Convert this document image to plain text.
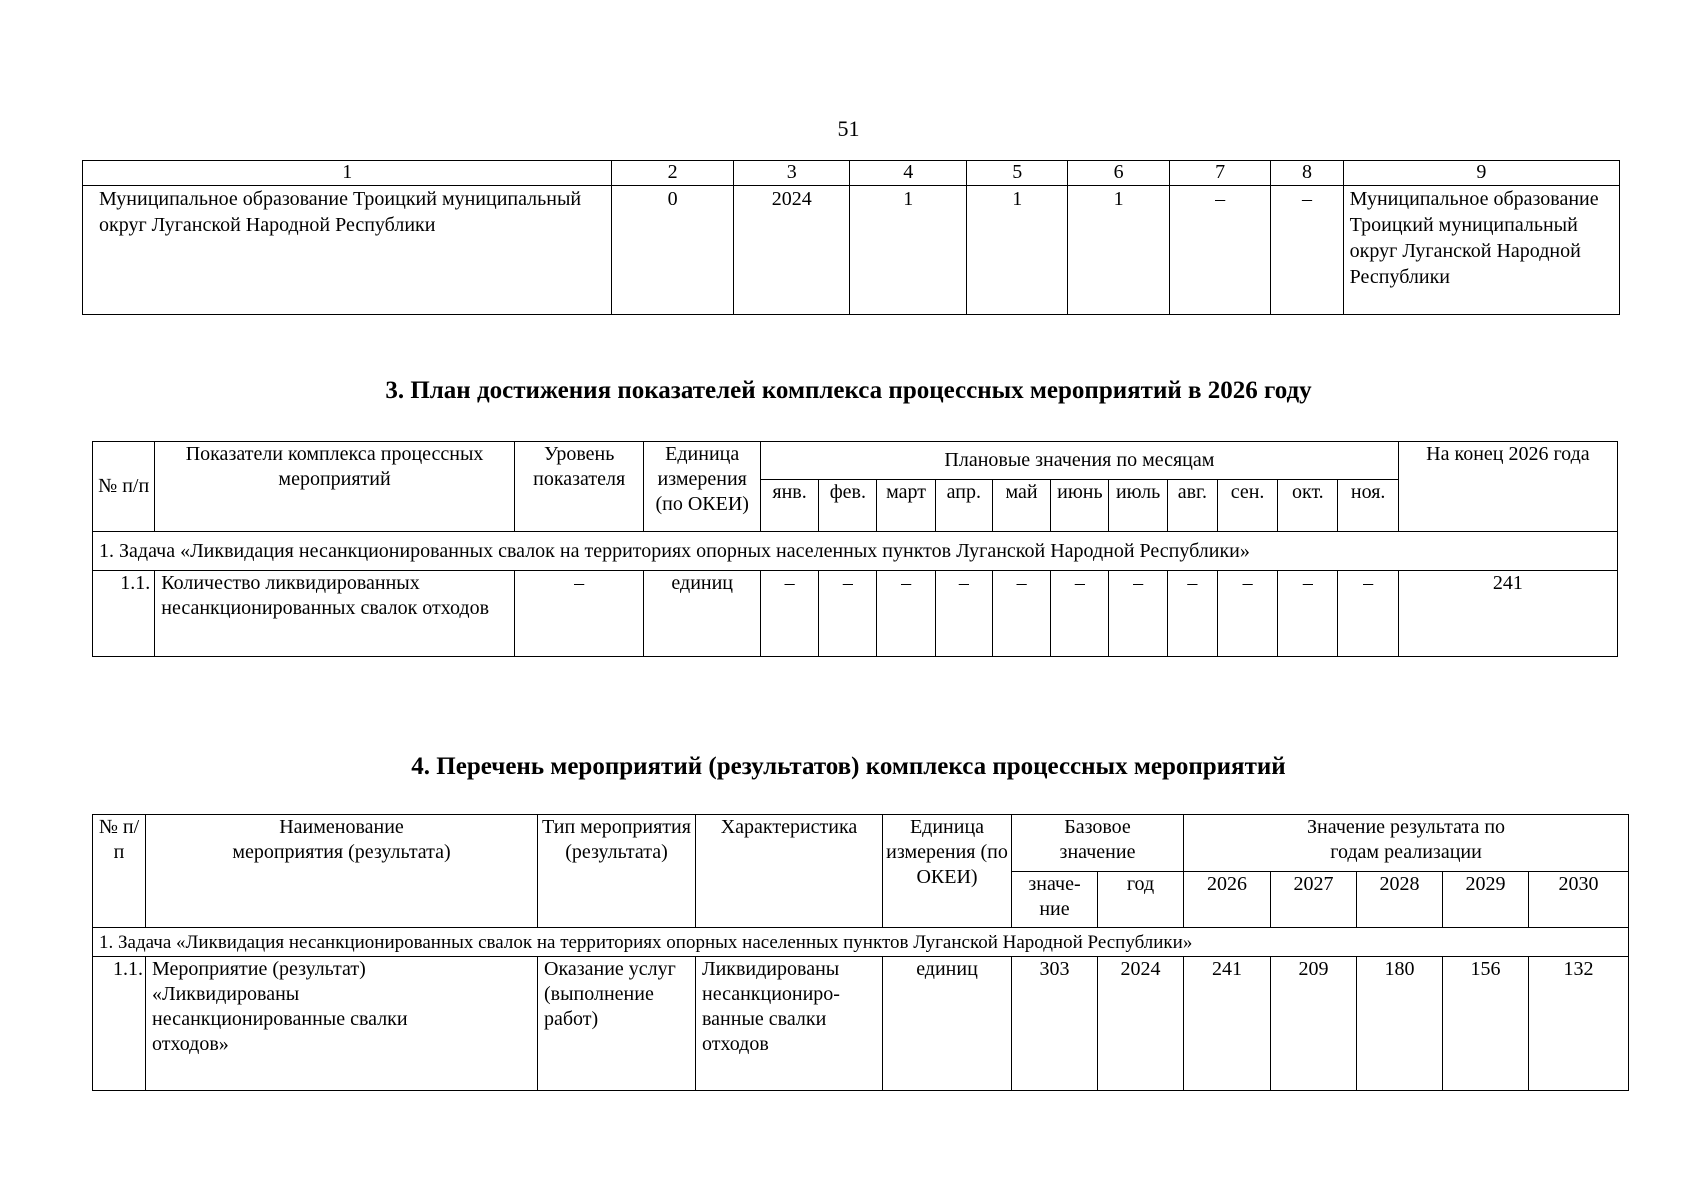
51
1	2	3	4	5	6	7	8	9
Муниципальное образование Троицкий муниципальный округ Луганской Народной Республики	0	2024	1	1	1	–	–	Муниципальное образование Троицкий муниципальный округ Луганской Народной Республики
3. План достижения показателей комплекса процессных мероприятий в 2026 году
№ п/п	Показатели комплекса процессных мероприятий	Уровень показателя	Единица измерения (по ОКЕИ)	Плановые значения по месяцам											На конец 2026 года
				янв.	фев.	март	апр.	май	июнь	июль	авг.	сен.	окт.	ноя.	
1. Задача «Ликвидация несанкционированных свалок на территориях опорных населенных пунктов Луганской Народной Республики»															
1.1.	Количество ликвидированных несанкционированных свалок отходов	–	единиц	–	–	–	–	–	–	–	–	–	–	–	241
4. Перечень мероприятий (результатов) комплекса процессных мероприятий
№ п/п	Наименование мероприятия (результата)	Тип мероприятия (результата)	Характеристика	Единица измерения (по ОКЕИ)	Базовое значение		Значение результата по годам реализации				
					значе-ние	год	2026	2027	2028	2029	2030
1. Задача «Ликвидация несанкционированных свалок на территориях опорных населенных пунктов Луганской Народной Республики»											
1.1.	Мероприятие (результат) «Ликвидированы несанкционированные свалки отходов»	Оказание услуг (выполнение работ)	Ликвидированы несанкциониро-ванные свалки отходов	единиц	303	2024	241	209	180	156	132
